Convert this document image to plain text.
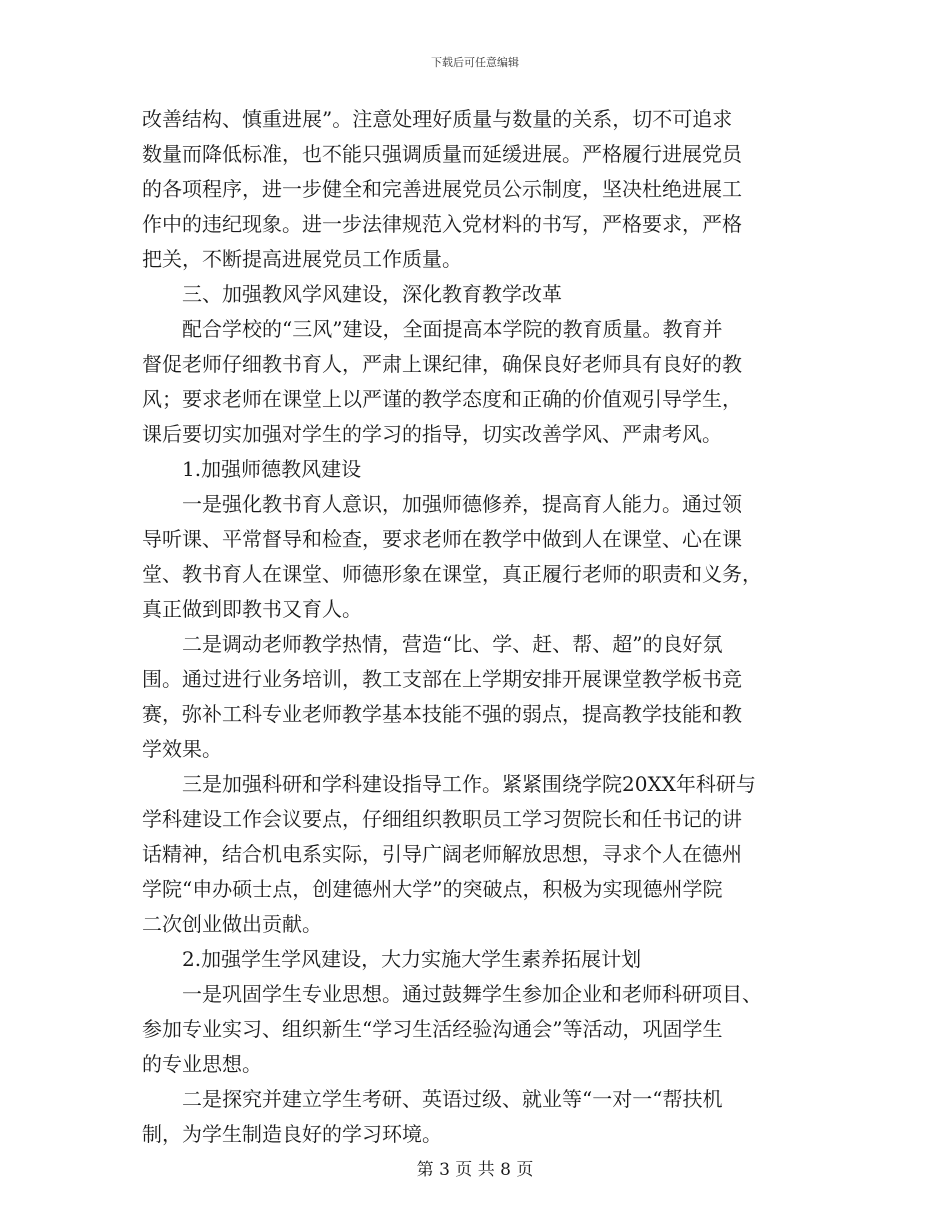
下载后可任意编辑
改善结构、慎重进展”。注意处理好质量与数量的关系，切不可追求
数量而降低标准，也不能只强调质量而延缓进展。严格履行进展党员
的各项程序，进一步健全和完善进展党员公示制度，坚决杜绝进展工
作中的违纪现象。进一步法律规范入党材料的书写，严格要求，严格
把关，不断提高进展党员工作质量。
　　三、加强教风学风建设，深化教育教学改革
　　配合学校的“三风”建设，全面提高本学院的教育质量。教育并
督促老师仔细教书育人，严肃上课纪律，确保良好老师具有良好的教
风；要求老师在课堂上以严谨的教学态度和正确的价值观引导学生，
课后要切实加强对学生的学习的指导，切实改善学风、严肃考风。
　　1.加强师德教风建设
　　一是强化教书育人意识，加强师德修养，提高育人能力。通过领
导听课、平常督导和检查，要求老师在教学中做到人在课堂、心在课
堂、教书育人在课堂、师德形象在课堂，真正履行老师的职责和义务，
真正做到即教书又育人。
　　二是调动老师教学热情，营造“比、学、赶、帮、超”的良好氛
围。通过进行业务培训，教工支部在上学期安排开展课堂教学板书竞
赛，弥补工科专业老师教学基本技能不强的弱点，提高教学技能和教
学效果。
　　三是加强科研和学科建设指导工作。紧紧围绕学院20XX年科研与
学科建设工作会议要点，仔细组织教职员工学习贺院长和任书记的讲
话精神，结合机电系实际，引导广阔老师解放思想，寻求个人在德州
学院“申办硕士点，创建德州大学”的突破点，积极为实现德州学院
二次创业做出贡献。
　　2.加强学生学风建设，大力实施大学生素养拓展计划
　　一是巩固学生专业思想。通过鼓舞学生参加企业和老师科研项目、
参加专业实习、组织新生“学习生活经验沟通会”等活动，巩固学生
的专业思想。
　　二是探究并建立学生考研、英语过级、就业等“一对一“帮扶机
制，为学生制造良好的学习环境。
第 3 页 共 8 页
